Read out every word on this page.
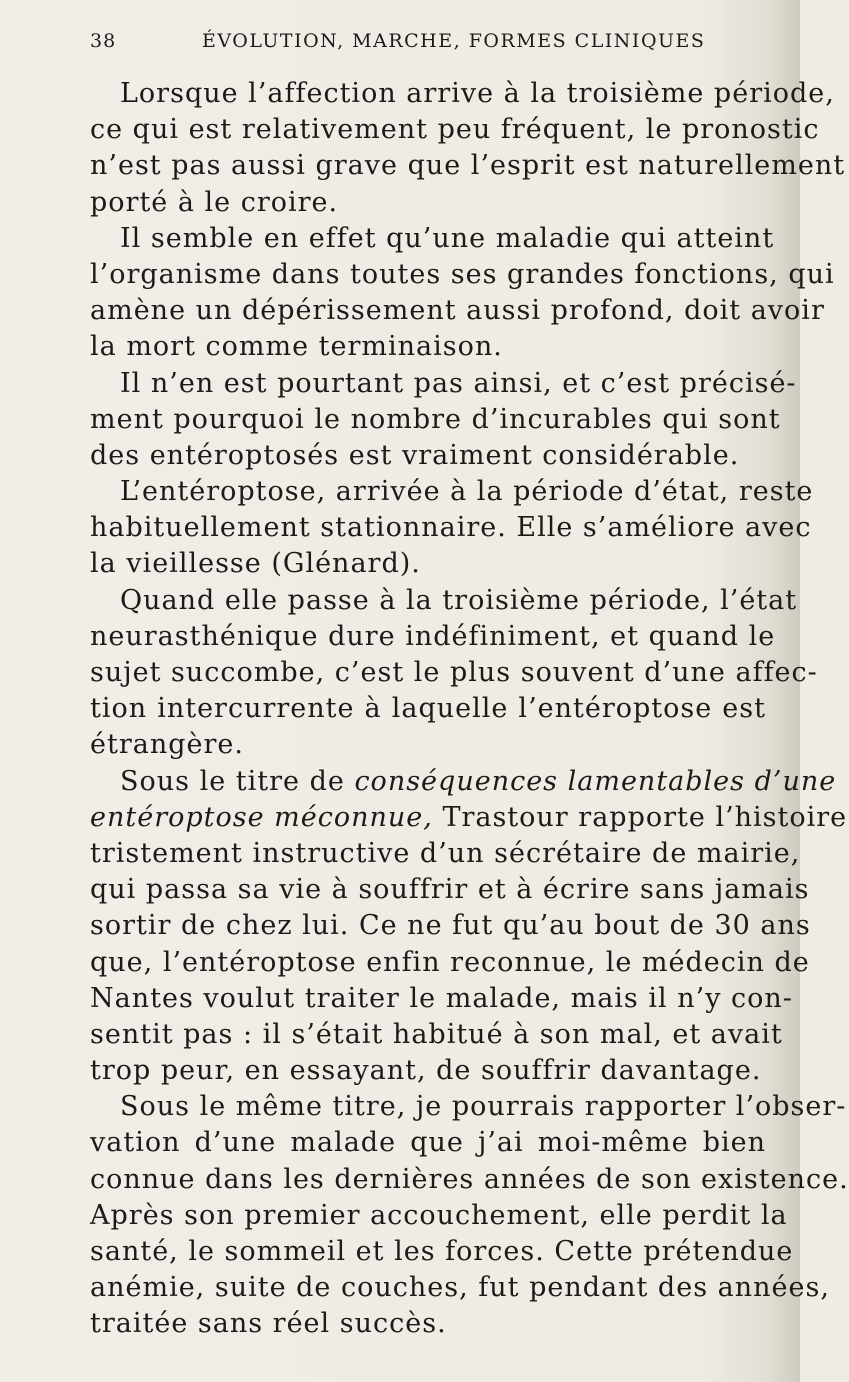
38	ÉVOLUTION, MARCHE, FORMES CLINIQUES
Lorsque l’affection arrive à la troisième période,
ce qui est relativement peu fréquent, le pronostic
n’est pas aussi grave que l’esprit est naturellement
porté à le croire.
Il semble en effet qu’une maladie qui atteint
l’organisme dans toutes ses grandes fonctions, qui
amène un dépérissement aussi profond, doit avoir
la mort comme terminaison.
Il n’en est pourtant pas ainsi, et c’est précisé-
ment pourquoi le nombre d’incurables qui sont
des entéroptosés est vraiment considérable.
L’entéroptose, arrivée à la période d’état, reste
habituellement stationnaire. Elle s’améliore avec
la vieillesse (Glénard).
Quand elle passe à la troisième période, l’état
neurasthénique dure indéfiniment, et quand le
sujet succombe, c’est le plus souvent d’une affec-
tion intercurrente à laquelle l’entéroptose est
étrangère.
Sous le titre de conséquences lamentables d’une
entéroptose méconnue, Trastour rapporte l’histoire
tristement instructive d’un sécrétaire de mairie,
qui passa sa vie à souffrir et à écrire sans jamais
sortir de chez lui. Ce ne fut qu’au bout de 30 ans
que, l’entéroptose enfin reconnue, le médecin de
Nantes voulut traiter le malade, mais il n’y con-
sentit pas : il s’était habitué à son mal, et avait
trop peur, en essayant, de souffrir davantage.
Sous le même titre, je pourrais rapporter l’obser-
vation d’une malade que j’ai moi-même bien
connue dans les dernières années de son existence.
Après son premier accouchement, elle perdit la
santé, le sommeil et les forces. Cette prétendue
anémie, suite de couches, fut pendant des années,
traitée sans réel succès.
